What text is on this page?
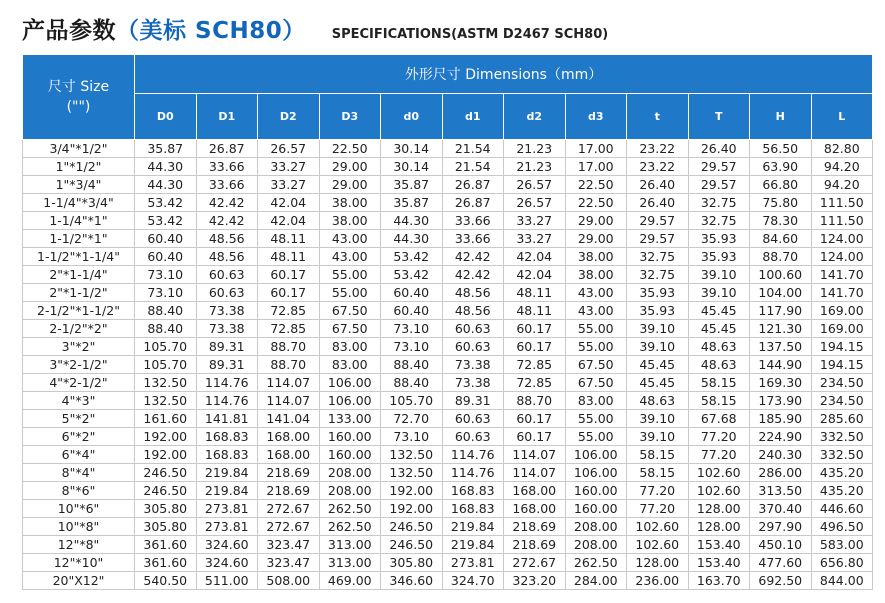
产品参数（美标 SCH80） SPECIFICATIONS(ASTM D2467 SCH80)
尺寸 Size
("")	外形尺寸 Dimensions（mm）											
	D0	D1	D2	D3	d0	d1	d2	d3	t	T	H	L
3/4"*1/2"	35.87	26.87	26.57	22.50	30.14	21.54	21.23	17.00	23.22	26.40	56.50	82.80
1"*1/2"	44.30	33.66	33.27	29.00	30.14	21.54	21.23	17.00	23.22	29.57	63.90	94.20
1"*3/4"	44.30	33.66	33.27	29.00	35.87	26.87	26.57	22.50	26.40	29.57	66.80	94.20
1-1/4"*3/4"	53.42	42.42	42.04	38.00	35.87	26.87	26.57	22.50	26.40	32.75	75.80	111.50
1-1/4"*1"	53.42	42.42	42.04	38.00	44.30	33.66	33.27	29.00	29.57	32.75	78.30	111.50
1-1/2"*1"	60.40	48.56	48.11	43.00	44.30	33.66	33.27	29.00	29.57	35.93	84.60	124.00
1-1/2"*1-1/4"	60.40	48.56	48.11	43.00	53.42	42.42	42.04	38.00	32.75	35.93	88.70	124.00
2"*1-1/4"	73.10	60.63	60.17	55.00	53.42	42.42	42.04	38.00	32.75	39.10	100.60	141.70
2"*1-1/2"	73.10	60.63	60.17	55.00	60.40	48.56	48.11	43.00	35.93	39.10	104.00	141.70
2-1/2"*1-1/2"	88.40	73.38	72.85	67.50	60.40	48.56	48.11	43.00	35.93	45.45	117.90	169.00
2-1/2"*2"	88.40	73.38	72.85	67.50	73.10	60.63	60.17	55.00	39.10	45.45	121.30	169.00
3"*2"	105.70	89.31	88.70	83.00	73.10	60.63	60.17	55.00	39.10	48.63	137.50	194.15
3"*2-1/2"	105.70	89.31	88.70	83.00	88.40	73.38	72.85	67.50	45.45	48.63	144.90	194.15
4"*2-1/2"	132.50	114.76	114.07	106.00	88.40	73.38	72.85	67.50	45.45	58.15	169.30	234.50
4"*3"	132.50	114.76	114.07	106.00	105.70	89.31	88.70	83.00	48.63	58.15	173.90	234.50
5"*2"	161.60	141.81	141.04	133.00	72.70	60.63	60.17	55.00	39.10	67.68	185.90	285.60
6"*2"	192.00	168.83	168.00	160.00	73.10	60.63	60.17	55.00	39.10	77.20	224.90	332.50
6"*4"	192.00	168.83	168.00	160.00	132.50	114.76	114.07	106.00	58.15	77.20	240.30	332.50
8"*4"	246.50	219.84	218.69	208.00	132.50	114.76	114.07	106.00	58.15	102.60	286.00	435.20
8"*6"	246.50	219.84	218.69	208.00	192.00	168.83	168.00	160.00	77.20	102.60	313.50	435.20
10"*6"	305.80	273.81	272.67	262.50	192.00	168.83	168.00	160.00	77.20	128.00	370.40	446.60
10"*8"	305.80	273.81	272.67	262.50	246.50	219.84	218.69	208.00	102.60	128.00	297.90	496.50
12"*8"	361.60	324.60	323.47	313.00	246.50	219.84	218.69	208.00	102.60	153.40	450.10	583.00
12"*10"	361.60	324.60	323.47	313.00	305.80	273.81	272.67	262.50	128.00	153.40	477.60	656.80
20"X12"	540.50	511.00	508.00	469.00	346.60	324.70	323.20	284.00	236.00	163.70	692.50	844.00
